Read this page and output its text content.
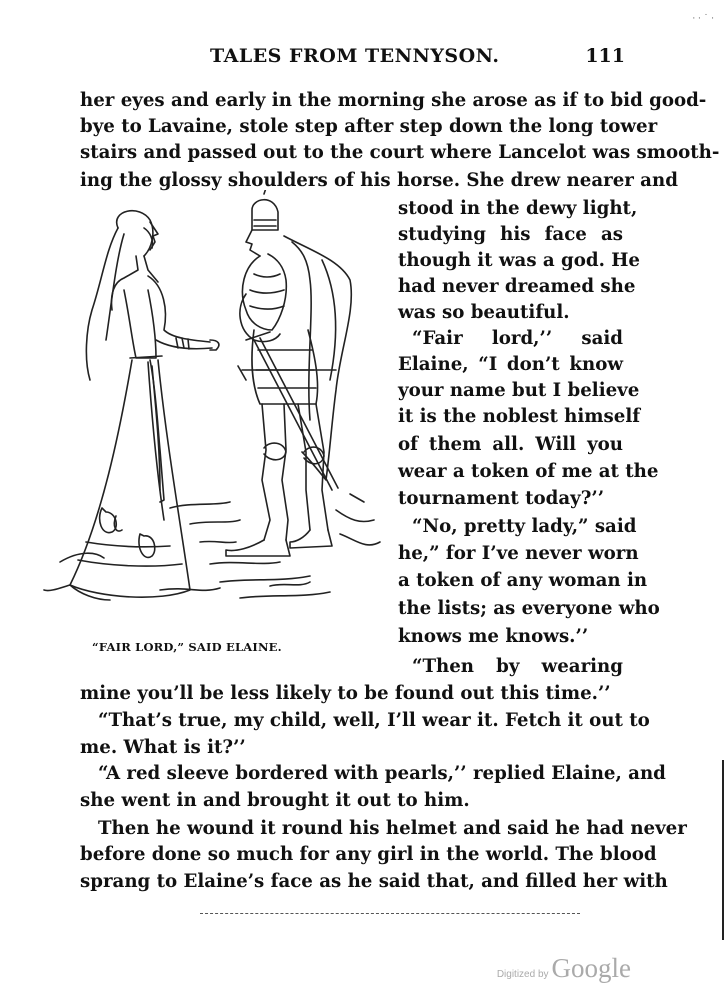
· · ˙ ·
TALES FROM TENNYSON.	111
her eyes and early in the morning she arose as if to bid good-
bye to Lavaine, stole step after step down the long tower
stairs and passed out to the court where Lancelot was smooth-
ing the glossy shoulders of his horse. She drew nearer and
stood in the dewy light,
studying his face as
though it was a god. He
had never dreamed she
was so beautiful.
“Fair lord,’’ said
Elaine, “I don’t know
your name but I believe
it is the noblest himself
of them all. Will you
wear a token of me at the
tournament today?’’
“No, pretty lady,” said
he,” for I’ve never worn
a token of any woman in
the lists; as everyone who
knows me knows.’’
“Then by wearing
mine you’ll be less likely to be found out this time.’’
“That’s true, my child, well, I’ll wear it. Fetch it out to
me. What is it?’’
“A red sleeve bordered with pearls,’’ replied Elaine, and
she went in and brought it out to him.
Then he wound it round his helmet and said he had never
before done so much for any girl in the world. The blood
sprang to Elaine’s face as he said that, and filled her with
“FAIR LORD,” SAID ELAINE.
Digitized by Google
